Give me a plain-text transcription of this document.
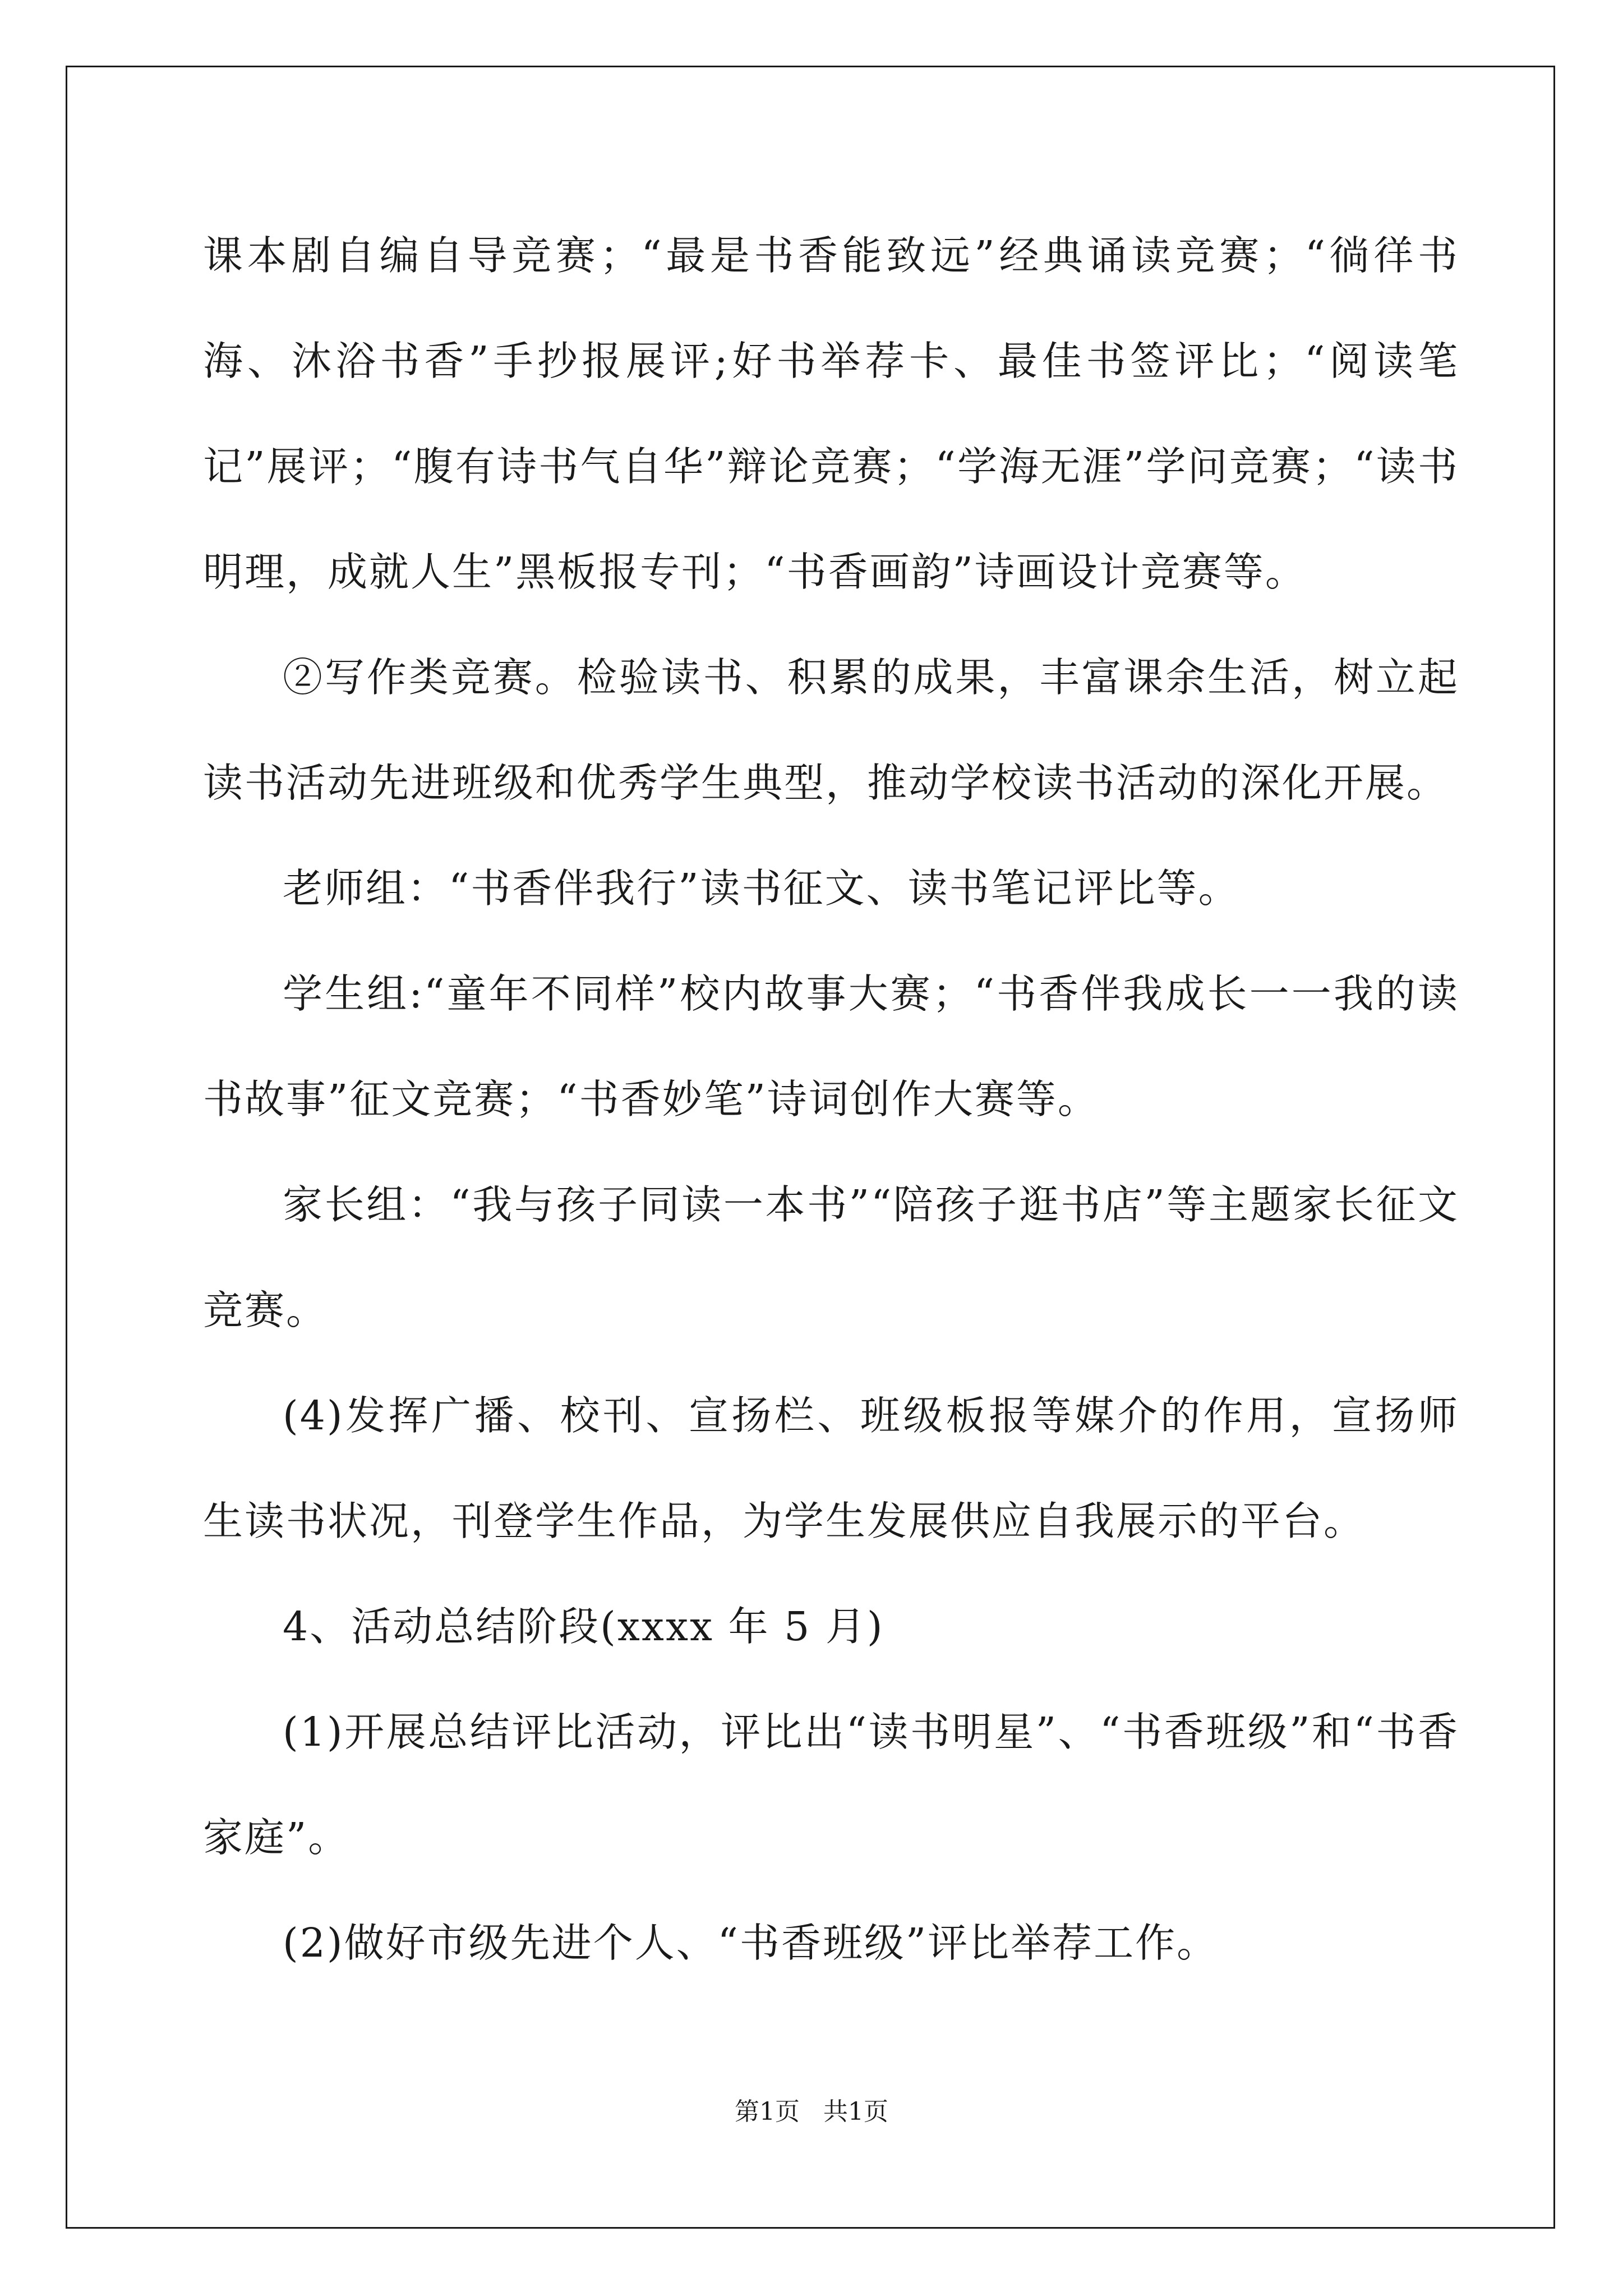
课本剧自编自导竞赛；“最是书香能致远”经典诵读竞赛；“徜徉书海、沐浴书香”手抄报展评;好书举荐卡、最佳书签评比；“阅读笔记”展评；“腹有诗书气自华”辩论竞赛；“学海无涯”学问竞赛；“读书明理，成就人生”黑板报专刊；“书香画韵”诗画设计竞赛等。

②写作类竞赛。检验读书、积累的成果，丰富课余生活，树立起读书活动先进班级和优秀学生典型，推动学校读书活动的深化开展。

老师组：“书香伴我行”读书征文、读书笔记评比等。

学生组:“童年不同样”校内故事大赛；“书香伴我成长一一我的读书故事”征文竞赛；“书香妙笔”诗词创作大赛等。

家长组：“我与孩子同读一本书”“陪孩子逛书店”等主题家长征文竞赛。

(4)发挥广播、校刊、宣扬栏、班级板报等媒介的作用，宣扬师生读书状况，刊登学生作品，为学生发展供应自我展示的平台。

4、活动总结阶段(xxxx 年 5 月)

(1)开展总结评比活动，评比出“读书明星”、“书香班级”和“书香家庭”。

(2)做好市级先进个人、“书香班级”评比举荐工作。

第1页   共1页
